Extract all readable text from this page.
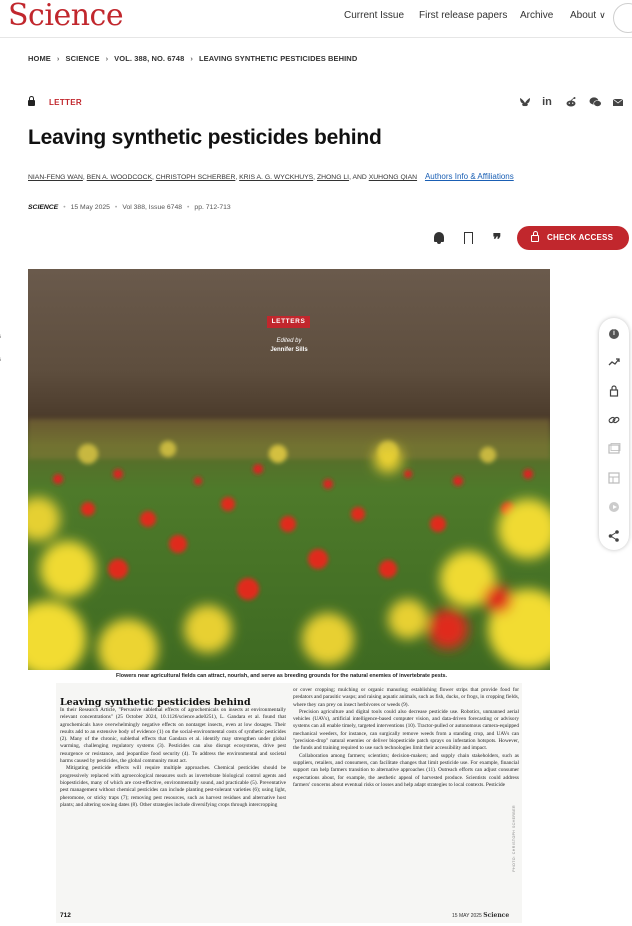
Science	Current Issue First release papers Archive About ∨
HOME › SCIENCE › VOL. 388, NO. 6748 › LEAVING SYNTHETIC PESTICIDES BEHIND
LETTER	in
Leaving synthetic pesticides behind
NIAN-FENG WAN, BEN A. WOODCOCK, CHRISTOPH SCHERBER, KRIS A. G. WYCKHUYS, ZHONG LI, AND XUHONG QIAN Authors Info & Affiliations
SCIENCE • 15 May 2025 • Vol 388, Issue 6748 • pp. 712-713
❞	CHECK ACCESS
LETTERS
Edited by
Jennifer Sills
Flowers near agricultural fields can attract, nourish, and serve as breeding grounds for the natural enemies of invertebrate pests.
Leaving synthetic pesticides behind

In their Research Article, "Pervasive sublethal effects of agrochemicals on insects at environmentally relevant concentrations" (25 October 2024, 10.1126/science.ado0251), L. Gandara et al. found that agrochemicals have overwhelmingly negative effects on nontarget insects, even at low dosages. Their results add to an extensive body of evidence (1) on the social-environmental costs of synthetic pesticides (2). Many of the chronic, sublethal effects that Gandara et al. identify may strengthen under global warming, challenging regulatory systems (3). Pesticides can also disrupt ecosystems, drive pest resurgence or resistance, and jeopardize food security (4). To address the environmental and societal harms caused by pesticides, the global community must act.

Mitigating pesticide effects will require multiple approaches. Chemical pesticides should be progressively replaced with agroecological measures such as invertebrate biological control agents and biopesticides, many of which are cost-effective, environmentally sound, and practicable (5). Preventative pest management without chemical pesticides can include planting pest-tolerant varieties (6); using light, pheromone, or sticky traps (7); removing pest resources, such as harvest residues and alternative host plants; and altering sowing dates (8). Other strategies include diversifying crops through intercropping

or cover cropping; mulching or organic manuring; establishing flower strips that provide food for predators and parasitic wasps; and raising aquatic animals, such as fish, ducks, or frogs, in cropping fields, where they can prey on insect herbivores or weeds (9).

Precision agriculture and digital tools could also decrease pesticide use. Robotics, unmanned aerial vehicles (UAVs), artificial intelligence-based computer vision, and data-driven forecasting or advisory systems can all enable timely, targeted interventions (10). Tractor-pulled or autonomous camera-equipped mechanical weeders, for instance, can surgically remove weeds from a standing crop, and UAVs can "precision-drop" natural enemies or deliver biopesticide patch sprays on infestation hotspots. However, the funds and training required to use such technologies limit their accessibility and impact.

Collaboration among farmers; scientists; decision-makers; and supply chain stakeholders, such as suppliers, retailers, and consumers, can facilitate changes that limit pesticide use. For example, financial support can help farmers transition to alternative approaches (11). Outreach efforts can adjust consumer expectations about, for example, the aesthetic appeal of harvested produce. Scientists could address farmers' concerns about eventual risks or losses and help adapt strategies to local contexts. Pesticide

PHOTO: CHRISTOPH SCHERBER
712	15 MAY 2025 Science
i
